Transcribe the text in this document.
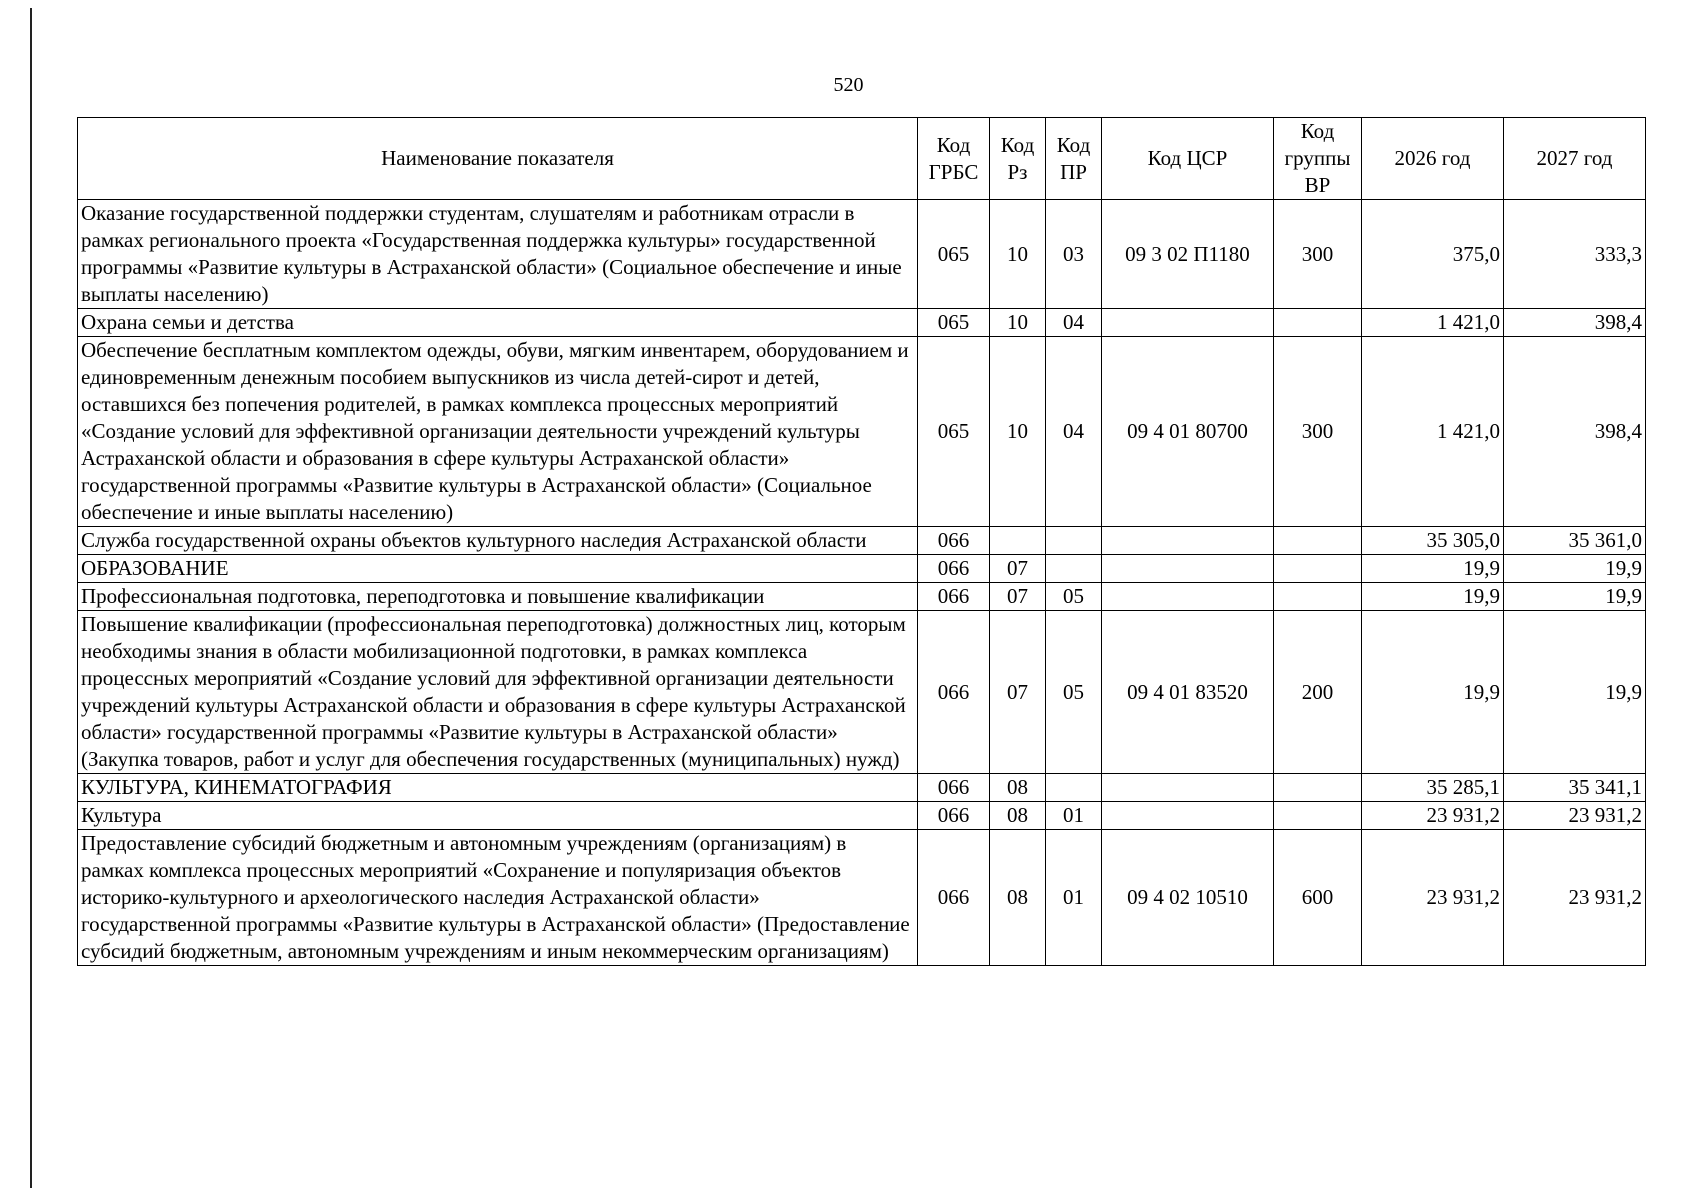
520
Наименование показателя	Код ГРБС	Код Рз	Код ПР	Код ЦСР	Код группы ВР	2026 год	2027 год
Оказание государственной поддержки студентам, слушателям и работникам отрасли в рамках регионального проекта «Государственная поддержка культуры» государственной программы «Развитие культуры в Астраханской области» (Социальное обеспечение и иные выплаты населению)	065	10	03	09 3 02 П1180	300	375,0	333,3
Охрана семьи и детства	065	10	04			1 421,0	398,4
Обеспечение бесплатным комплектом одежды, обуви, мягким инвентарем, оборудованием и единовременным денежным пособием выпускников из числа детей-сирот и детей, оставшихся без попечения родителей, в рамках комплекса процессных мероприятий «Создание условий для эффективной организации деятельности учреждений культуры Астраханской области и образования в сфере культуры Астраханской области» государственной программы «Развитие культуры в Астраханской области» (Социальное обеспечение и иные выплаты населению)	065	10	04	09 4 01 80700	300	1 421,0	398,4
Служба государственной охраны объектов культурного наследия Астраханской области	066					35 305,0	35 361,0
ОБРАЗОВАНИЕ	066	07				19,9	19,9
Профессиональная подготовка, переподготовка и повышение квалификации	066	07	05			19,9	19,9
Повышение квалификации (профессиональная переподготовка) должностных лиц, которым необходимы знания в области мобилизационной подготовки, в рамках комплекса процессных мероприятий «Создание условий для эффективной организации деятельности учреждений культуры Астраханской области и образования в сфере культуры Астраханской области» государственной программы «Развитие культуры в Астраханской области» (Закупка товаров, работ и услуг для обеспечения государственных (муниципальных) нужд)	066	07	05	09 4 01 83520	200	19,9	19,9
КУЛЬТУРА, КИНЕМАТОГРАФИЯ	066	08				35 285,1	35 341,1
Культура	066	08	01			23 931,2	23 931,2
Предоставление субсидий бюджетным и автономным учреждениям (организациям) в рамках комплекса процессных мероприятий «Сохранение и популяризация объектов историко-культурного и археологического наследия Астраханской области» государственной программы «Развитие культуры в Астраханской области» (Предоставление субсидий бюджетным, автономным учреждениям и иным некоммерческим организациям)	066	08	01	09 4 02 10510	600	23 931,2	23 931,2
